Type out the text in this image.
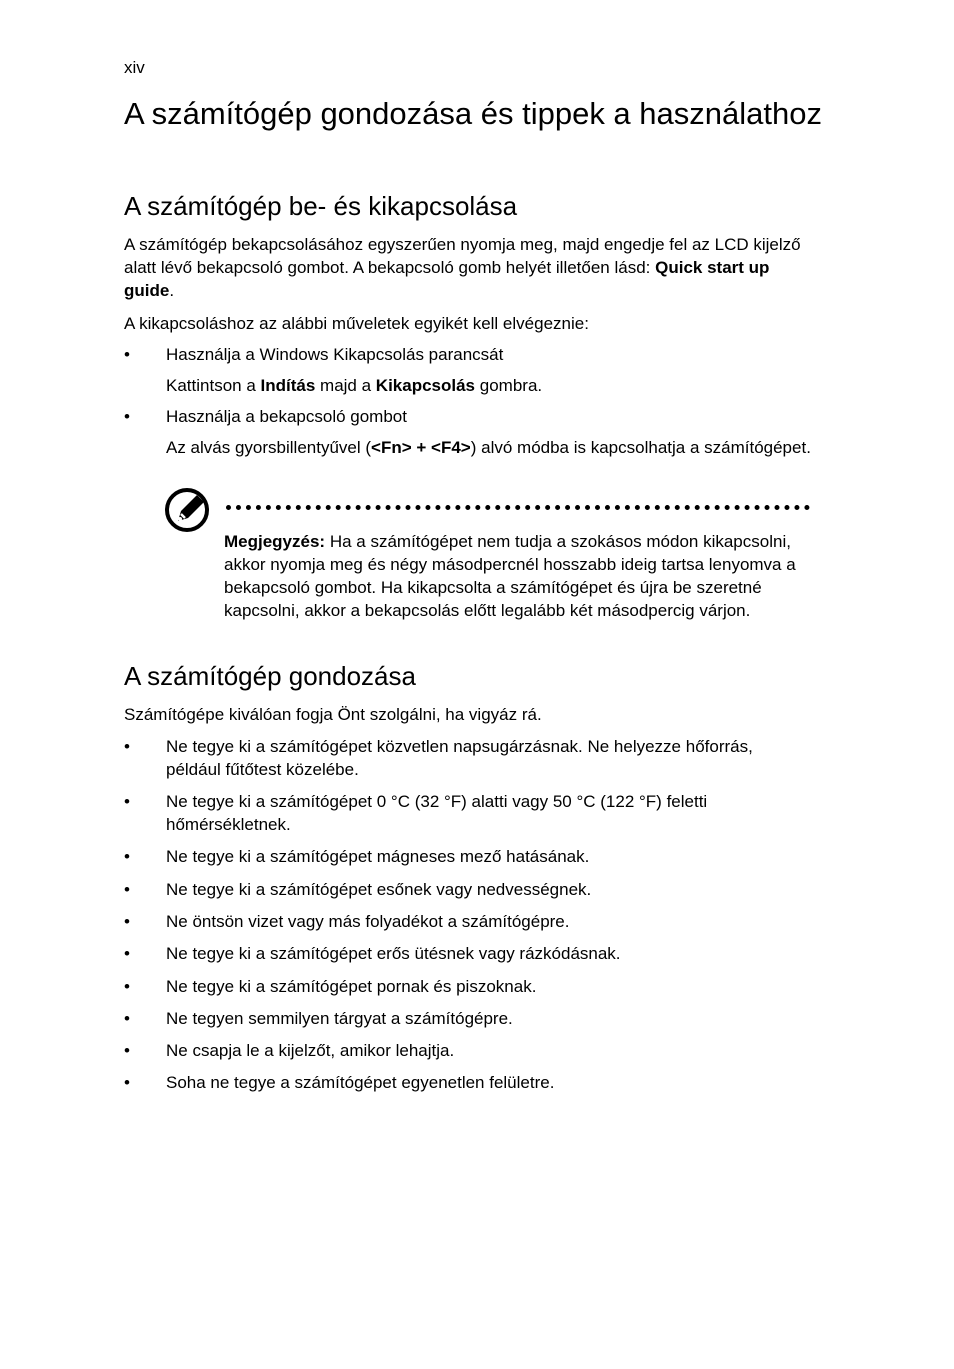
xiv
A számítógép gondozása és tippek a használathoz
A számítógép be- és kikapcsolása

A számítógép bekapcsolásához egyszerűen nyomja meg, majd engedje fel az LCD kijelző alatt lévő bekapcsoló gombot. A bekapcsoló gomb helyét illetően lásd: Quick start up guide.

A kikapcsoláshoz az alábbi műveletek egyikét kell elvégeznie:

• Használja a Windows Kikapcsolás parancsát

Kattintson a Indítás majd a Kikapcsolás gombra.

• Használja a bekapcsoló gombot

Az alvás gyorsbillentyűvel (<Fn> + <F4>) alvó módba is kapcsolhatja a számítógépet.

Megjegyzés: Ha a számítógépet nem tudja a szokásos módon kikapcsolni, akkor nyomja meg és négy másodpercnél hosszabb ideig tartsa lenyomva a bekapcsoló gombot. Ha kikapcsolta a számítógépet és újra be szeretné kapcsolni, akkor a bekapcsolás előtt legalább két másodpercig várjon.

A számítógép gondozása

Számítógépe kiválóan fogja Önt szolgálni, ha vigyáz rá.

• Ne tegye ki a számítógépet közvetlen napsugárzásnak. Ne helyezze hőforrás, például fűtőtest közelébe.

• Ne tegye ki a számítógépet 0 °C (32 °F) alatti vagy 50 °C (122 °F) feletti hőmérsékletnek.

• Ne tegye ki a számítógépet mágneses mező hatásának.

• Ne tegye ki a számítógépet esőnek vagy nedvességnek.

• Ne öntsön vizet vagy más folyadékot a számítógépre.

• Ne tegye ki a számítógépet erős ütésnek vagy rázkódásnak.

• Ne tegye ki a számítógépet pornak és piszoknak.

• Ne tegyen semmilyen tárgyat a számítógépre.

• Ne csapja le a kijelzőt, amikor lehajtja.

• Soha ne tegye a számítógépet egyenetlen felületre.
